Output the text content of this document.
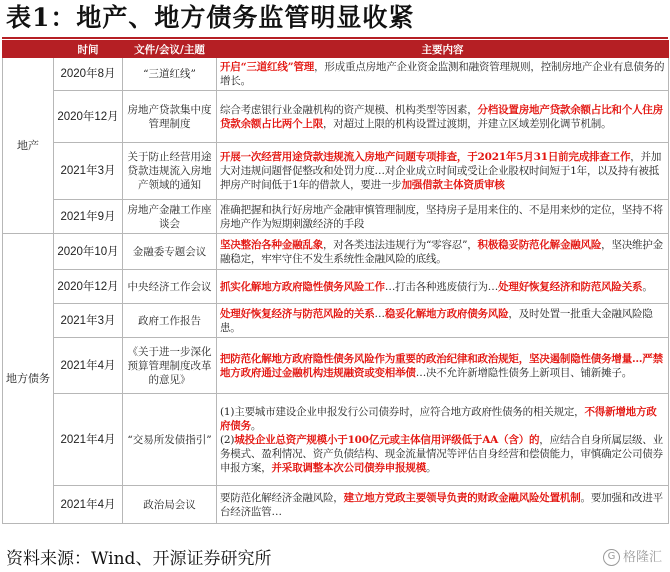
表1：地产、地方债务监管明显收紧
	时间	文件/会议/主题	主要内容
地产	2020年8月	“三道红线”	开启“三道红线”管理，形成重点房地产企业资金监测和融资管理规则，控制房地产企业有息债务的增长。
	2020年12月	房地产贷款集中度管理制度	综合考虑银行业金融机构的资产规模、机构类型等因素，分档设置房地产贷款余额占比和个人住房贷款余额占比两个上限，对超过上限的机构设置过渡期，并建立区域差别化调节机制。
	2021年3月	关于防止经营用途贷款违规流入房地产领域的通知	开展一次经营用途贷款违规流入房地产问题专项排查，于2021年5月31日前完成排查工作，并加大对违规问题督促整改和处罚力度…对企业成立时间或受让企业股权时间短于1年，以及持有被抵押房产时间低于1年的借款人，要进一步加强借款主体资质审核
	2021年9月	房地产金融工作座谈会	准确把握和执行好房地产金融审慎管理制度，坚持房子是用来住的、不是用来炒的定位，坚持不将房地产作为短期刺激经济的手段
地方债务	2020年10月	金融委专题会议	坚决整治各种金融乱象，对各类违法违规行为“零容忍”，积极稳妥防范化解金融风险，坚决维护金融稳定，牢牢守住不发生系统性金融风险的底线。
	2020年12月	中央经济工作会议	抓实化解地方政府隐性债务风险工作…打击各种逃废债行为…处理好恢复经济和防范风险关系。
	2021年3月	政府工作报告	处理好恢复经济与防范风险的关系…稳妥化解地方政府债务风险，及时处置一批重大金融风险隐患。
	2021年4月	《关于进一步深化预算管理制度改革的意见》	把防范化解地方政府隐性债务风险作为重要的政治纪律和政治规矩，坚决遏制隐性债务增量…严禁地方政府通过金融机构违规融资或变相举债…决不允许新增隐性债务上新项目、铺新摊子。
	2021年4月	“交易所发债指引”	(1)主要城市建设企业申报发行公司债券时，应符合地方政府性债务的相关规定，不得新增地方政府债务。
(2)城投企业总资产规模小于100亿元或主体信用评级低于AA（含）的，应结合自身所属层级、业务模式、盈利情况、资产负债结构、现金流量情况等评估自身经营和偿债能力，审慎确定公司债券申报方案，并采取调整本次公司债券申报规模。
	2021年4月	政治局会议	要防范化解经济金融风险，建立地方党政主要领导负责的财政金融风险处置机制。要加强和改进平台经济监管…
资料来源：Wind、开源证券研究所	G 格隆汇
